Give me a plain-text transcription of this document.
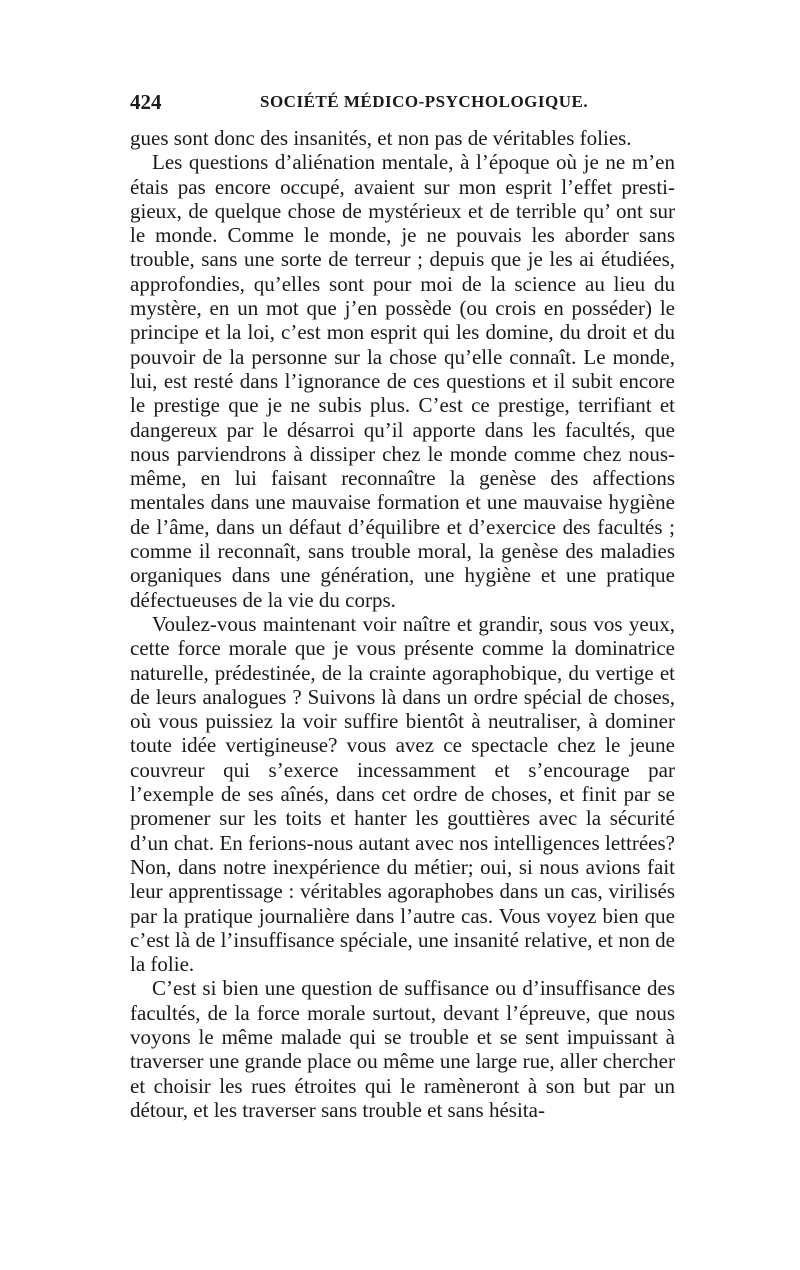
424	SOCIÉTÉ MÉDICO-PSYCHOLOGIQUE.

gues sont donc des insanités, et non pas de véritables folies.

Les questions d’aliénation mentale, à l’époque où je ne m’en étais pas encore occupé, avaient sur mon esprit l’effet prestigieux, de quelque chose de mystérieux et de terrible qu’ ont sur le monde. Comme le monde, je ne pouvais les aborder sans trouble, sans une sorte de terreur ; depuis que je les ai étudiées, approfondies, qu’elles sont pour moi de la science au lieu du mystère, en un mot que j’en possède (ou crois en posséder) le principe et la loi, c’est mon esprit qui les domine, du droit et du pouvoir de la personne sur la chose qu’elle connaît. Le monde, lui, est resté dans l’ignorance de ces questions et il subit encore le prestige que je ne subis plus. C’est ce prestige, terrifiant et dangereux par le désarroi qu’il apporte dans les facultés, que nous parviendrons à dissiper chez le monde comme chez nous-même, en lui faisant reconnaître la genèse des affections mentales dans une mauvaise formation et une mauvaise hygiène de l’âme, dans un défaut d’équilibre et d’exercice des facultés ; comme il reconnaît, sans trouble moral, la genèse des maladies organiques dans une génération, une hygiène et une pratique défectueuses de la vie du corps.

Voulez-vous maintenant voir naître et grandir, sous vos yeux, cette force morale que je vous présente comme la dominatrice naturelle, prédestinée, de la crainte agoraphobique, du vertige et de leurs analogues ? Suivons là dans un ordre spécial de choses, où vous puissiez la voir suffire bientôt à neutraliser, à dominer toute idée vertigineuse? vous avez ce spectacle chez le jeune couvreur qui s’exerce incessamment et s’encourage par l’exemple de ses aînés, dans cet ordre de choses, et finit par se promener sur les toits et hanter les gouttières avec la sécurité d’un chat. En ferions-nous autant avec nos intelligences lettrées? Non, dans notre inexpérience du métier; oui, si nous avions fait leur apprentissage : véritables agoraphobes dans un cas, virilisés par la pratique journalière dans l’autre cas. Vous voyez bien que c’est là de l’insuffisance spéciale, une insanité relative, et non de la folie.

C’est si bien une question de suffisance ou d’insuffisance des facultés, de la force morale surtout, devant l’épreuve, que nous voyons le même malade qui se trouble et se sent impuissant à traverser une grande place ou même une large rue, aller chercher et choisir les rues étroites qui le ramèneront à son but par un détour, et les traverser sans trouble et sans hésita-
